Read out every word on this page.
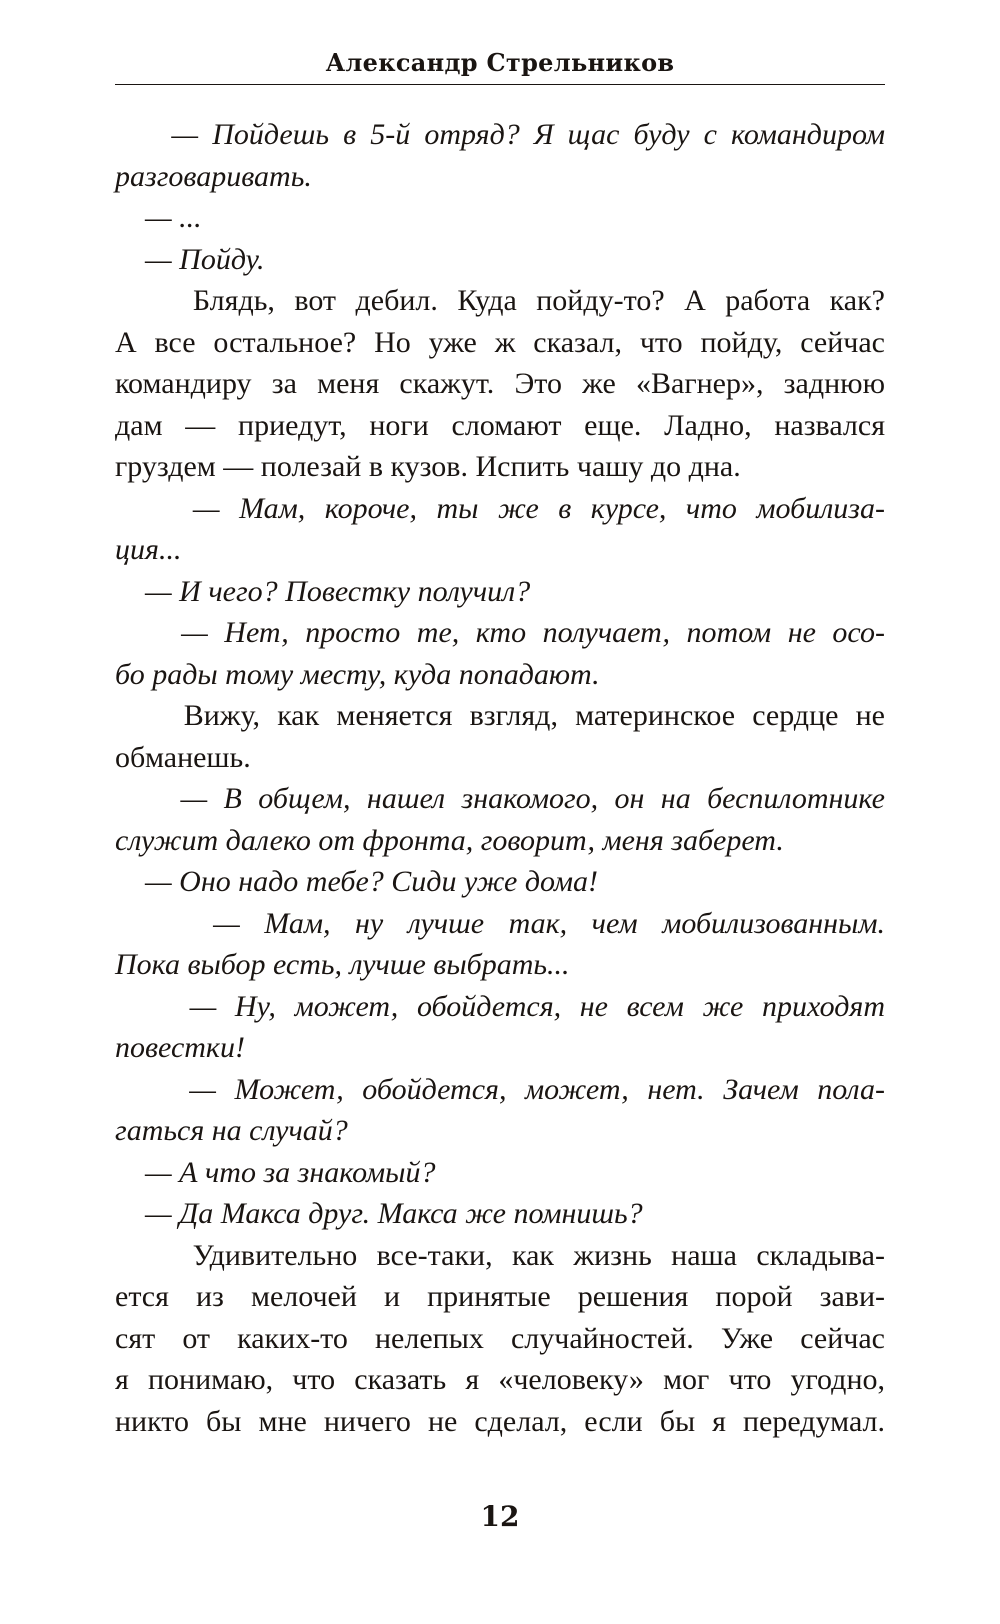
Александр Стрельников
— Пойдешь в 5-й отряд? Я щас буду с командиром
разговаривать.
— ...
— Пойду.
Блядь, вот дебил. Куда пойду-то? А работа как?
А все остальное? Но уже ж сказал, что пойду, сейчас
командиру за меня скажут. Это же «Вагнер», заднюю
дам — приедут, ноги сломают еще. Ладно, назвался
груздем — полезай в кузов. Испить чашу до дна.
— Мам, короче, ты же в курсе, что мобилиза-
ция...
— И чего? Повестку получил?
— Нет, просто те, кто получает, потом не осо-
бо рады тому месту, куда попадают.
Вижу, как меняется взгляд, материнское сердце не
обманешь.
— В общем, нашел знакомого, он на беспилотнике
служит далеко от фронта, говорит, меня заберет.
— Оно надо тебе? Сиди уже дома!
— Мам, ну лучше так, чем мобилизованным.
Пока выбор есть, лучше выбрать...
— Ну, может, обойдется, не всем же приходят
повестки!
— Может, обойдется, может, нет. Зачем пола-
гаться на случай?
— А что за знакомый?
— Да Макса друг. Макса же помнишь?
Удивительно все-таки, как жизнь наша складыва-
ется из мелочей и принятые решения порой зави-
сят от каких-то нелепых случайностей. Уже сейчас
я понимаю, что сказать я «человеку» мог что угодно,
никто бы мне ничего не сделал, если бы я передумал.
12
